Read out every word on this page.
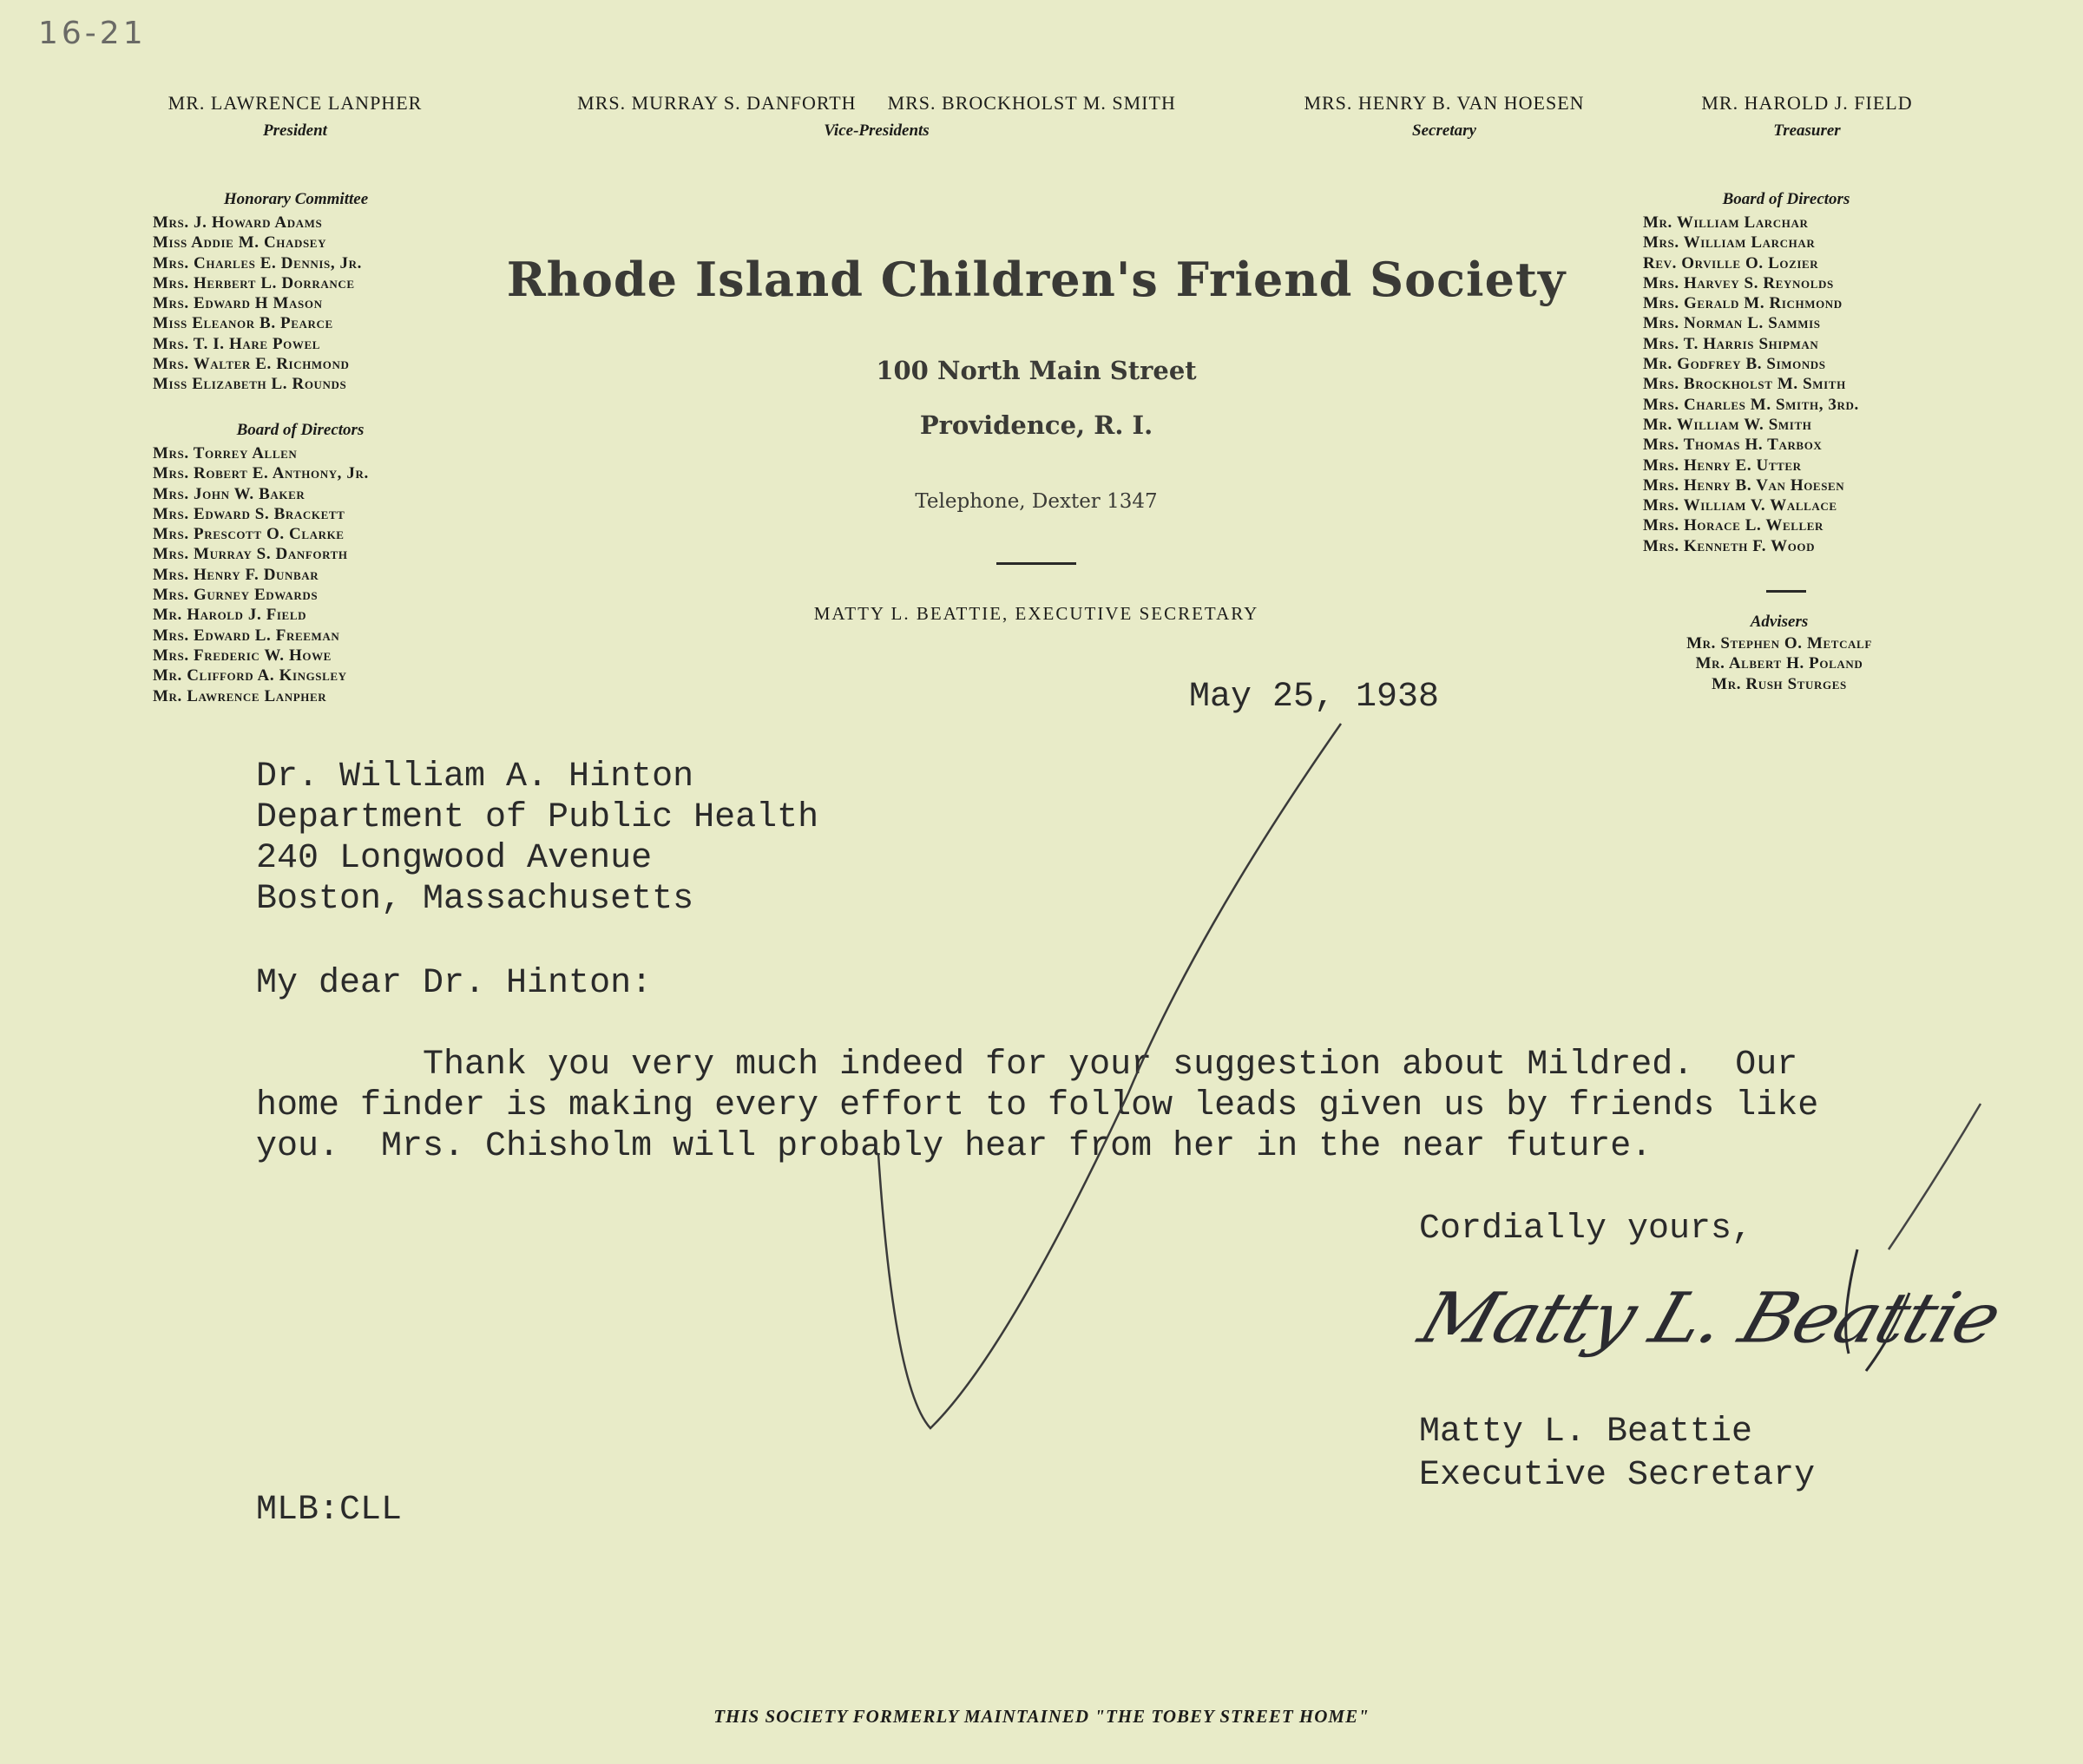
16-21
MR. LAWRENCE LANPHER
President
MRS. MURRAY S. DANFORTH MRS. BROCKHOLST M. SMITH
Vice-Presidents
MRS. HENRY B. VAN HOESEN
Secretary
MR. HAROLD J. FIELD
Treasurer
Honorary Committee
Mrs. J. Howard Adams
Miss Addie M. Chadsey
Mrs. Charles E. Dennis, Jr.
Mrs. Herbert L. Dorrance
Mrs. Edward H Mason
Miss Eleanor B. Pearce
Mrs. T. I. Hare Powel
Mrs. Walter E. Richmond
Miss Elizabeth L. Rounds
Board of Directors
Mrs. Torrey Allen
Mrs. Robert E. Anthony, Jr.
Mrs. John W. Baker
Mrs. Edward S. Brackett
Mrs. Prescott O. Clarke
Mrs. Murray S. Danforth
Mrs. Henry F. Dunbar
Mrs. Gurney Edwards
Mr. Harold J. Field
Mrs. Edward L. Freeman
Mrs. Frederic W. Howe
Mr. Clifford A. Kingsley
Mr. Lawrence Lanpher
Board of Directors
Mr. William Larchar
Mrs. William Larchar
Rev. Orville O. Lozier
Mrs. Harvey S. Reynolds
Mrs. Gerald M. Richmond
Mrs. Norman L. Sammis
Mrs. T. Harris Shipman
Mr. Godfrey B. Simonds
Mrs. Brockholst M. Smith
Mrs. Charles M. Smith, 3rd.
Mr. William W. Smith
Mrs. Thomas H. Tarbox
Mrs. Henry E. Utter
Mrs. Henry B. Van Hoesen
Mrs. William V. Wallace
Mrs. Horace L. Weller
Mrs. Kenneth F. Wood
Advisers
Mr. Stephen O. Metcalf
Mr. Albert H. Poland
Mr. Rush Sturges
Rhode Island Children's Friend Society
100 North Main Street
Providence, R. I.
Telephone, Dexter 1347
MATTY L. BEATTIE, EXECUTIVE SECRETARY
May 25, 1938
Dr. William A. Hinton
Department of Public Health
240 Longwood Avenue
Boston, Massachusetts
My dear Dr. Hinton:
Thank you very much indeed for your suggestion about Mildred.  Our
home finder is making every effort to follow leads given us by friends like
you.  Mrs. Chisholm will probably hear from her in the near future.
Cordially yours,
Matty L. Beattie
Matty L. Beattie
Executive Secretary
MLB:CLL
THIS SOCIETY FORMERLY MAINTAINED "THE TOBEY STREET HOME"
